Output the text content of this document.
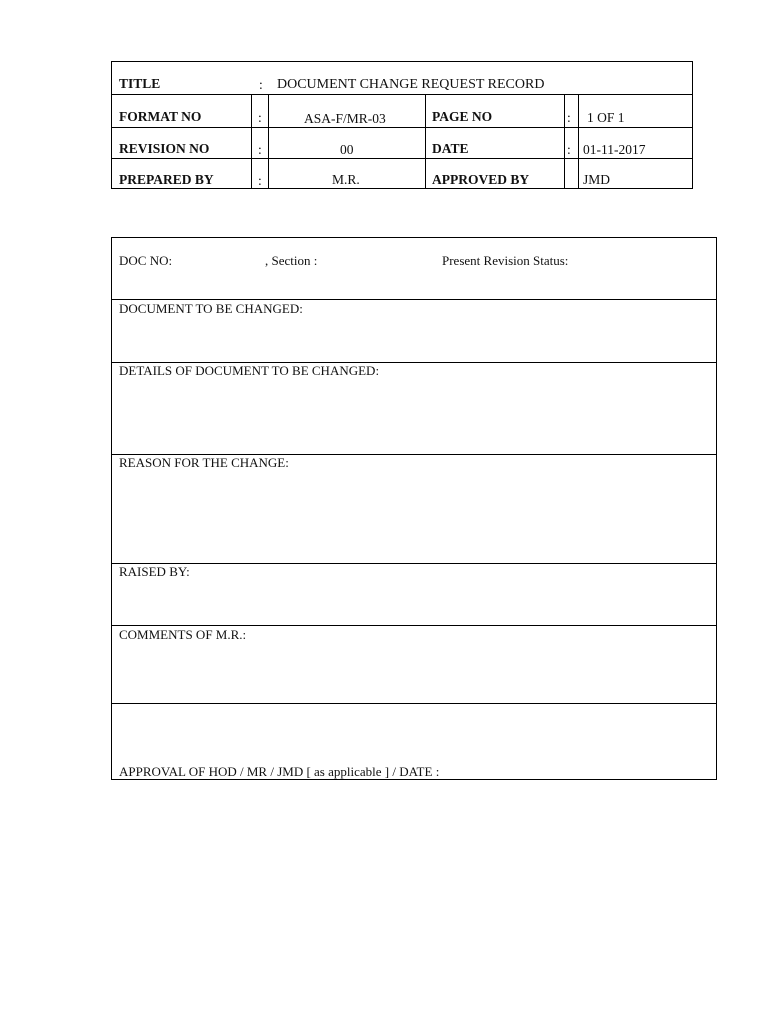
TITLE	: DOCUMENT CHANGE REQUEST RECORD
FORMAT NO	:	ASA-F/MR-03	PAGE NO	: 1 OF 1
REVISION NO	:	00	DATE	: 01-11-2017
PREPARED BY	:	M.R.	APPROVED BY	JMD
DOC NO:	, Section :	Present Revision Status:
DOCUMENT TO BE CHANGED:
DETAILS OF DOCUMENT TO BE CHANGED:
REASON FOR THE CHANGE:
RAISED BY:
COMMENTS OF M.R.:
APPROVAL OF HOD / MR / JMD [ as applicable ] / DATE :
